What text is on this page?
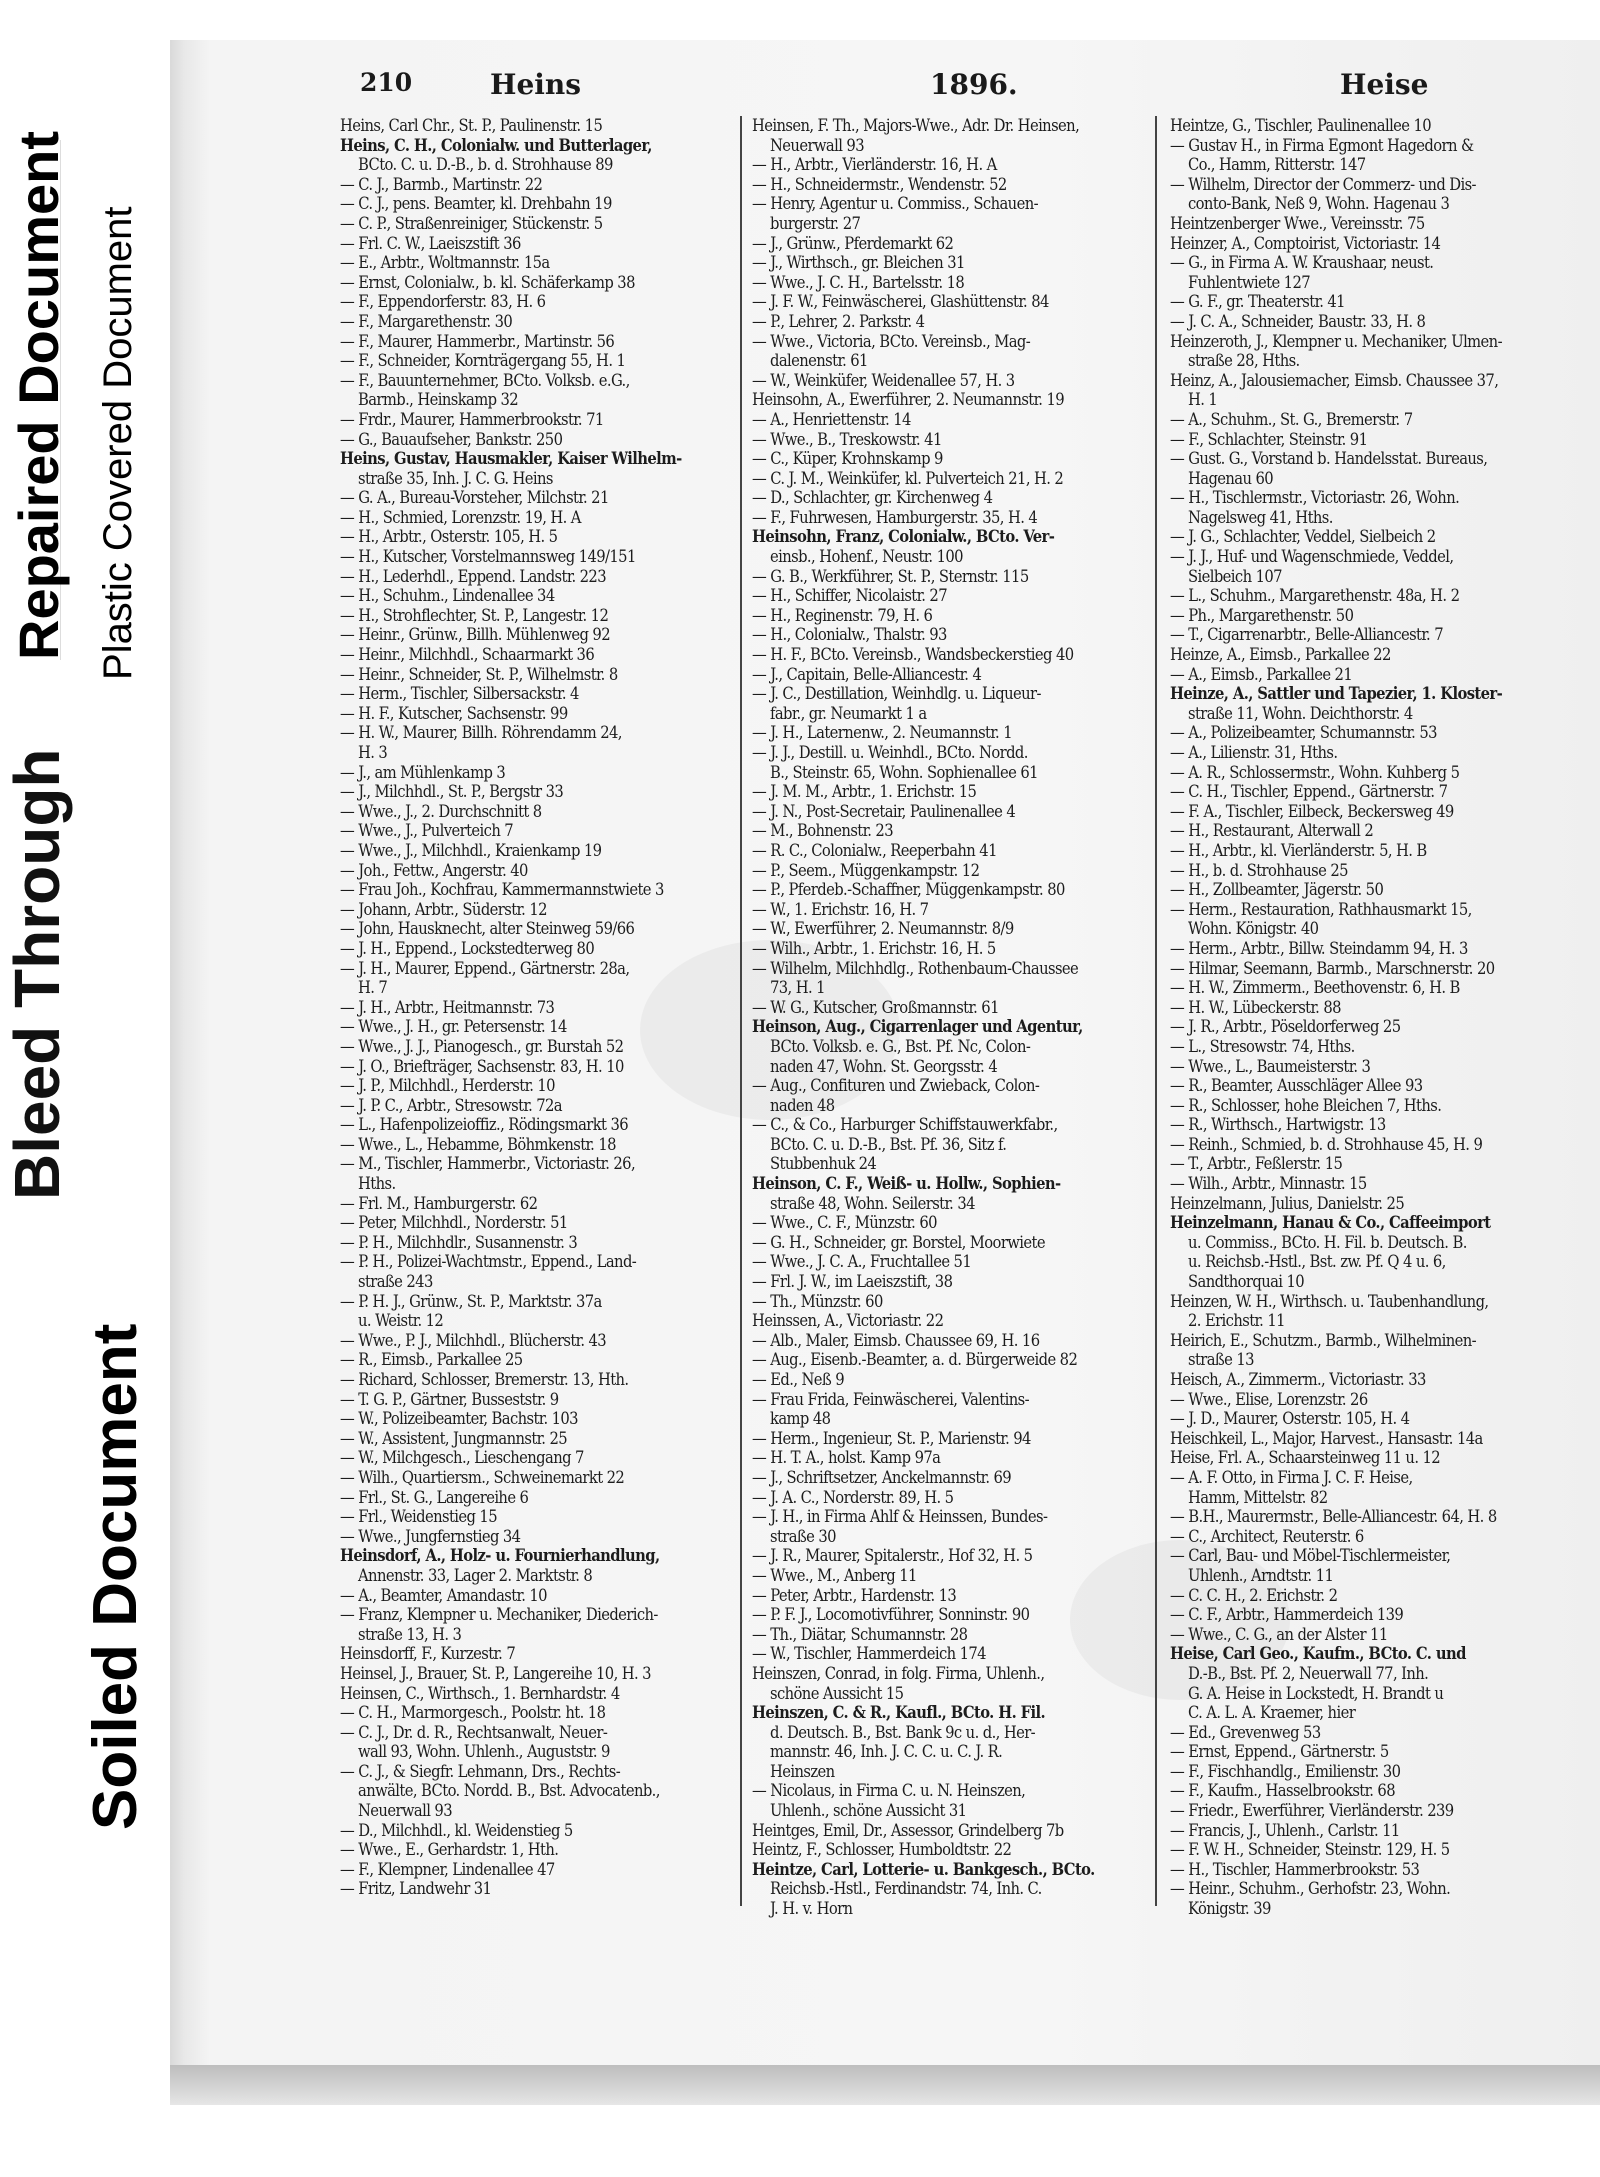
Repaired Document Plastic Covered Document
Bleed Through
Soiled Document
210	Heins	1896.	Heise
Heins, Carl Chr., St. P., Paulinenstr. 15
Heins, C. H., Colonialw. und Butterlager,
BCto. C. u. D.-B., b. d. Strohhause 89
— C. J., Barmb., Martinstr. 22
— C. J., pens. Beamter, kl. Drehbahn 19
— C. P., Straßenreiniger, Stückenstr. 5
— Frl. C. W., Laeiszstift 36
— E., Arbtr., Woltmannstr. 15a
— Ernst, Colonialw., b. kl. Schäferkamp 38
— F., Eppendorferstr. 83, H. 6
— F., Margarethenstr. 30
— F., Maurer, Hammerbr., Martinstr. 56
— F., Schneider, Kornträgergang 55, H. 1
— F., Bauunternehmer, BCto. Volksb. e.G.,
Barmb., Heinskamp 32
— Frdr., Maurer, Hammerbrookstr. 71
— G., Bauaufseher, Bankstr. 250
Heins, Gustav, Hausmakler, Kaiser Wilhelm-
straße 35, Inh. J. C. G. Heins
— G. A., Bureau-Vorsteher, Milchstr. 21
— H., Schmied, Lorenzstr. 19, H. A
— H., Arbtr., Osterstr. 105, H. 5
— H., Kutscher, Vorstelmannsweg 149/151
— H., Lederhdl., Eppend. Landstr. 223
— H., Schuhm., Lindenallee 34
— H., Strohflechter, St. P., Langestr. 12
— Heinr., Grünw., Billh. Mühlenweg 92
— Heinr., Milchhdl., Schaarmarkt 36
— Heinr., Schneider, St. P., Wilhelmstr. 8
— Herm., Tischler, Silbersackstr. 4
— H. F., Kutscher, Sachsenstr. 99
— H. W., Maurer, Billh. Röhrendamm 24,
H. 3
— J., am Mühlenkamp 3
— J., Milchhdl., St. P., Bergstr 33
— Wwe., J., 2. Durchschnitt 8
— Wwe., J., Pulverteich 7
— Wwe., J., Milchhdl., Kraienkamp 19
— Joh., Fettw., Angerstr. 40
— Frau Joh., Kochfrau, Kammermannstwiete 3
— Johann, Arbtr., Süderstr. 12
— John, Hausknecht, alter Steinweg 59/66
— J. H., Eppend., Lockstedterweg 80
— J. H., Maurer, Eppend., Gärtnerstr. 28a,
H. 7
— J. H., Arbtr., Heitmannstr. 73
— Wwe., J. H., gr. Petersenstr. 14
— Wwe., J. J., Pianogesch., gr. Burstah 52
— J. O., Briefträger, Sachsenstr. 83, H. 10
— J. P., Milchhdl., Herderstr. 10
— J. P. C., Arbtr., Stresowstr. 72a
— L., Hafenpolizeioffiz., Rödingsmarkt 36
— Wwe., L., Hebamme, Böhmkenstr. 18
— M., Tischler, Hammerbr., Victoriastr. 26,
Hths.
— Frl. M., Hamburgerstr. 62
— Peter, Milchhdl., Norderstr. 51
— P. H., Milchhdlr., Susannenstr. 3
— P. H., Polizei-Wachtmstr., Eppend., Land-
straße 243
— P. H. J., Grünw., St. P., Marktstr. 37a
u. Weistr. 12
— Wwe., P. J., Milchhdl., Blücherstr. 43
— R., Eimsb., Parkallee 25
— Richard, Schlosser, Bremerstr. 13, Hth.
— T. G. P., Gärtner, Busseststr. 9
— W., Polizeibeamter, Bachstr. 103
— W., Assistent, Jungmannstr. 25
— W., Milchgesch., Lieschengang 7
— Wilh., Quartiersm., Schweinemarkt 22
— Frl., St. G., Langereihe 6
— Frl., Weidenstieg 15
— Wwe., Jungfernstieg 34
Heinsdorf, A., Holz- u. Fournierhandlung,
Annenstr. 33, Lager 2. Marktstr. 8
— A., Beamter, Amandastr. 10
— Franz, Klempner u. Mechaniker, Diederich-
straße 13, H. 3
Heinsdorff, F., Kurzestr. 7
Heinsel, J., Brauer, St. P., Langereihe 10, H. 3
Heinsen, C., Wirthsch., 1. Bernhardstr. 4
— C. H., Marmorgesch., Poolstr. ht. 18
— C. J., Dr. d. R., Rechtsanwalt, Neuer-
wall 93, Wohn. Uhlenh., Auguststr. 9
— C. J., & Siegfr. Lehmann, Drs., Rechts-
anwälte, BCto. Nordd. B., Bst. Advocatenb.,
Neuerwall 93
— D., Milchhdl., kl. Weidenstieg 5
— Wwe., E., Gerhardstr. 1, Hth.
— F., Klempner, Lindenallee 47
— Fritz, Landwehr 31
Heinsen, F. Th., Majors-Wwe., Adr. Dr. Heinsen,
Neuerwall 93
— H., Arbtr., Vierländerstr. 16, H. A
— H., Schneidermstr., Wendenstr. 52
— Henry, Agentur u. Commiss., Schauen-
burgerstr. 27
— J., Grünw., Pferdemarkt 62
— J., Wirthsch., gr. Bleichen 31
— Wwe., J. C. H., Bartelsstr. 18
— J. F. W., Feinwäscherei, Glashüttenstr. 84
— P., Lehrer, 2. Parkstr. 4
— Wwe., Victoria, BCto. Vereinsb., Mag-
dalenenstr. 61
— W., Weinküfer, Weidenallee 57, H. 3
Heinsohn, A., Ewerführer, 2. Neumannstr. 19
— A., Henriettenstr. 14
— Wwe., B., Treskowstr. 41
— C., Küper, Krohnskamp 9
— C. J. M., Weinküfer, kl. Pulverteich 21, H. 2
— D., Schlachter, gr. Kirchenweg 4
— F., Fuhrwesen, Hamburgerstr. 35, H. 4
Heinsohn, Franz, Colonialw., BCto. Ver-
einsb., Hohenf., Neustr. 100
— G. B., Werkführer, St. P., Sternstr. 115
— H., Schiffer, Nicolaistr. 27
— H., Reginenstr. 79, H. 6
— H., Colonialw., Thalstr. 93
— H. F., BCto. Vereinsb., Wandsbeckerstieg 40
— J., Capitain, Belle-Alliancestr. 4
— J. C., Destillation, Weinhdlg. u. Liqueur-
fabr., gr. Neumarkt 1 a
— J. H., Laternenw., 2. Neumannstr. 1
— J. J., Destill. u. Weinhdl., BCto. Nordd.
B., Steinstr. 65, Wohn. Sophienallee 61
— J. M. M., Arbtr., 1. Erichstr. 15
— J. N., Post-Secretair, Paulinenallee 4
— M., Bohnenstr. 23
— R. C., Colonialw., Reeperbahn 41
— P., Seem., Müggenkampstr. 12
— P., Pferdeb.-Schaffner, Müggenkampstr. 80
— W., 1. Erichstr. 16, H. 7
— W., Ewerführer, 2. Neumannstr. 8/9
— Wilh., Arbtr., 1. Erichstr. 16, H. 5
— Wilhelm, Milchhdlg., Rothenbaum-Chaussee
73, H. 1
— W. G., Kutscher, Großmannstr. 61
Heinson, Aug., Cigarrenlager und Agentur,
BCto. Volksb. e. G., Bst. Pf. Nc, Colon-
naden 47, Wohn. St. Georgsstr. 4
— Aug., Confituren und Zwieback, Colon-
naden 48
— C., & Co., Harburger Schiffstauwerkfabr.,
BCto. C. u. D.-B., Bst. Pf. 36, Sitz f.
Stubbenhuk 24
Heinson, C. F., Weiß- u. Hollw., Sophien-
straße 48, Wohn. Seilerstr. 34
— Wwe., C. F., Münzstr. 60
— G. H., Schneider, gr. Borstel, Moorwiete
— Wwe., J. C. A., Fruchtallee 51
— Frl. J. W., im Laeiszstift, 38
— Th., Münzstr. 60
Heinssen, A., Victoriastr. 22
— Alb., Maler, Eimsb. Chaussee 69, H. 16
— Aug., Eisenb.-Beamter, a. d. Bürgerweide 82
— Ed., Neß 9
— Frau Frida, Feinwäscherei, Valentins-
kamp 48
— Herm., Ingenieur, St. P., Marienstr. 94
— H. T. A., holst. Kamp 97a
— J., Schriftsetzer, Anckelmannstr. 69
— J. A. C., Norderstr. 89, H. 5
— J. H., in Firma Ahlf & Heinssen, Bundes-
straße 30
— J. R., Maurer, Spitalerstr., Hof 32, H. 5
— Wwe., M., Anberg 11
— Peter, Arbtr., Hardenstr. 13
— P. F. J., Locomotivführer, Sonninstr. 90
— Th., Diätar, Schumannstr. 28
— W., Tischler, Hammerdeich 174
Heinszen, Conrad, in folg. Firma, Uhlenh.,
schöne Aussicht 15
Heinszen, C. & R., Kaufl., BCto. H. Fil.
d. Deutsch. B., Bst. Bank 9c u. d., Her-
mannstr. 46, Inh. J. C. C. u. C. J. R.
Heinszen
— Nicolaus, in Firma C. u. N. Heinszen,
Uhlenh., schöne Aussicht 31
Heintges, Emil, Dr., Assessor, Grindelberg 7b
Heintz, F., Schlosser, Humboldtstr. 22
Heintze, Carl, Lotterie- u. Bankgesch., BCto.
Reichsb.-Hstl., Ferdinandstr. 74, Inh. C.
J. H. v. Horn
Heintze, G., Tischler, Paulinenallee 10
— Gustav H., in Firma Egmont Hagedorn &
Co., Hamm, Ritterstr. 147
— Wilhelm, Director der Commerz- und Dis-
conto-Bank, Neß 9, Wohn. Hagenau 3
Heintzenberger Wwe., Vereinsstr. 75
Heinzer, A., Comptoirist, Victoriastr. 14
— G., in Firma A. W. Kraushaar, neust.
Fuhlentwiete 127
— G. F., gr. Theaterstr. 41
— J. C. A., Schneider, Baustr. 33, H. 8
Heinzeroth, J., Klempner u. Mechaniker, Ulmen-
straße 28, Hths.
Heinz, A., Jalousiemacher, Eimsb. Chaussee 37,
H. 1
— A., Schuhm., St. G., Bremerstr. 7
— F., Schlachter, Steinstr. 91
— Gust. G., Vorstand b. Handelsstat. Bureaus,
Hagenau 60
— H., Tischlermstr., Victoriastr. 26, Wohn.
Nagelsweg 41, Hths.
— J. G., Schlachter, Veddel, Sielbeich 2
— J. J., Huf- und Wagenschmiede, Veddel,
Sielbeich 107
— L., Schuhm., Margarethenstr. 48a, H. 2
— Ph., Margarethenstr. 50
— T., Cigarrenarbtr., Belle-Alliancestr. 7
Heinze, A., Eimsb., Parkallee 22
— A., Eimsb., Parkallee 21
Heinze, A., Sattler und Tapezier, 1. Kloster-
straße 11, Wohn. Deichthorstr. 4
— A., Polizeibeamter, Schumannstr. 53
— A., Lilienstr. 31, Hths.
— A. R., Schlossermstr., Wohn. Kuhberg 5
— C. H., Tischler, Eppend., Gärtnerstr. 7
— F. A., Tischler, Eilbeck, Beckersweg 49
— H., Restaurant, Alterwall 2
— H., Arbtr., kl. Vierländerstr. 5, H. B
— H., b. d. Strohhause 25
— H., Zollbeamter, Jägerstr. 50
— Herm., Restauration, Rathhausmarkt 15,
Wohn. Königstr. 40
— Herm., Arbtr., Billw. Steindamm 94, H. 3
— Hilmar, Seemann, Barmb., Marschnerstr. 20
— H. W., Zimmerm., Beethovenstr. 6, H. B
— H. W., Lübeckerstr. 88
— J. R., Arbtr., Pöseldorferweg 25
— L., Stresowstr. 74, Hths.
— Wwe., L., Baumeisterstr. 3
— R., Beamter, Ausschläger Allee 93
— R., Schlosser, hohe Bleichen 7, Hths.
— R., Wirthsch., Hartwigstr. 13
— Reinh., Schmied, b. d. Strohhause 45, H. 9
— T., Arbtr., Feßlerstr. 15
— Wilh., Arbtr., Minnastr. 15
Heinzelmann, Julius, Danielstr. 25
Heinzelmann, Hanau & Co., Caffeeimport
u. Commiss., BCto. H. Fil. b. Deutsch. B.
u. Reichsb.-Hstl., Bst. zw. Pf. Q 4 u. 6,
Sandthorquai 10
Heinzen, W. H., Wirthsch. u. Taubenhandlung,
2. Erichstr. 11
Heirich, E., Schutzm., Barmb., Wilhelminen-
straße 13
Heisch, A., Zimmerm., Victoriastr. 33
— Wwe., Elise, Lorenzstr. 26
— J. D., Maurer, Osterstr. 105, H. 4
Heischkeil, L., Major, Harvest., Hansastr. 14a
Heise, Frl. A., Schaarsteinweg 11 u. 12
— A. F. Otto, in Firma J. C. F. Heise,
Hamm, Mittelstr. 82
— B.H., Maurermstr., Belle-Alliancestr. 64, H. 8
— C., Architect, Reuterstr. 6
— Carl, Bau- und Möbel-Tischlermeister,
Uhlenh., Arndtstr. 11
— C. C. H., 2. Erichstr. 2
— C. F., Arbtr., Hammerdeich 139
— Wwe., C. G., an der Alster 11
Heise, Carl Geo., Kaufm., BCto. C. und
D.-B., Bst. Pf. 2, Neuerwall 77, Inh.
G. A. Heise in Lockstedt, H. Brandt u
C. A. L. A. Kraemer, hier
— Ed., Grevenweg 53
— Ernst, Eppend., Gärtnerstr. 5
— F., Fischhandlg., Emilienstr. 30
— F., Kaufm., Hasselbrookstr. 68
— Friedr., Ewerführer, Vierländerstr. 239
— Francis, J., Uhlenh., Carlstr. 11
— F. W. H., Schneider, Steinstr. 129, H. 5
— H., Tischler, Hammerbrookstr. 53
— Heinr., Schuhm., Gerhofstr. 23, Wohn.
Königstr. 39
